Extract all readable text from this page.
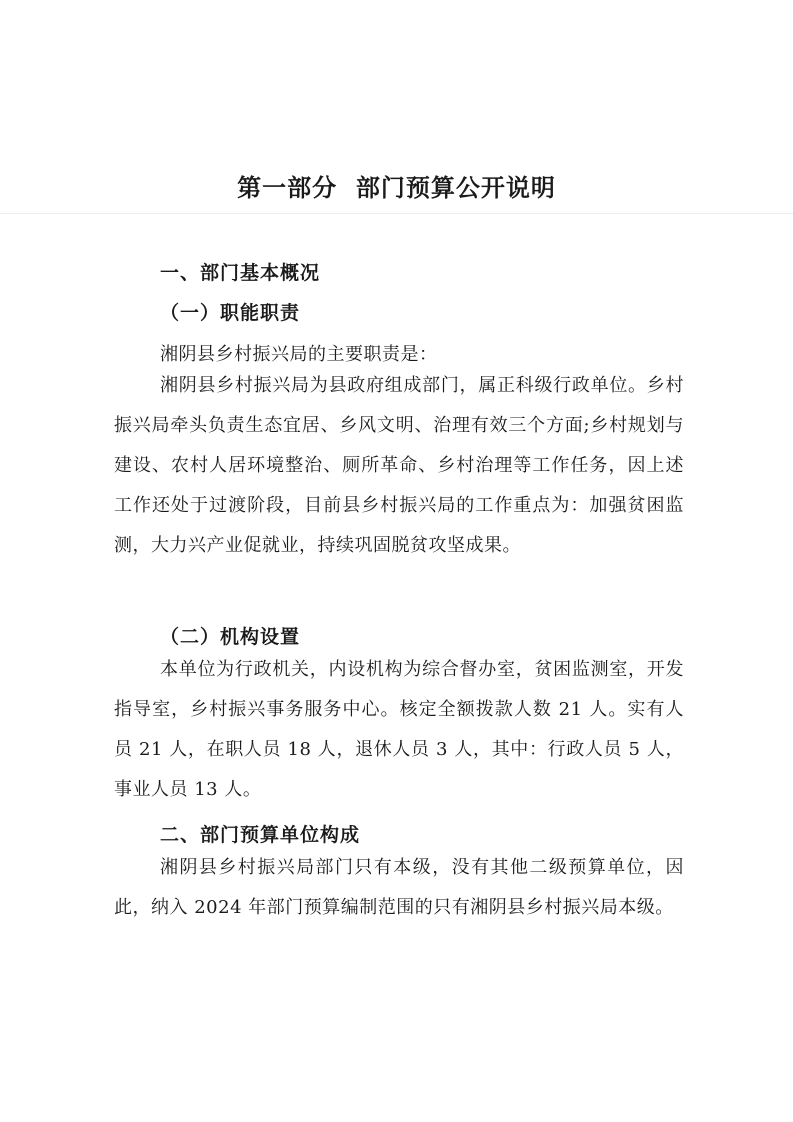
第一部分  部门预算公开说明
一、部门基本概况
（一）职能职责
湘阴县乡村振兴局的主要职责是：
湘阴县乡村振兴局为县政府组成部门，属正科级行政单位。乡村振兴局牵头负责生态宜居、乡风文明、治理有效三个方面;乡村规划与建设、农村人居环境整治、厕所革命、乡村治理等工作任务，因上述工作还处于过渡阶段，目前县乡村振兴局的工作重点为：加强贫困监测，大力兴产业促就业，持续巩固脱贫攻坚成果。
（二）机构设置
本单位为行政机关，内设机构为综合督办室，贫困监测室，开发指导室，乡村振兴事务服务中心。核定全额拨款人数 21 人。实有人员 21 人，在职人员 18 人，退休人员 3 人，其中：行政人员 5 人，事业人员 13 人。
二、部门预算单位构成
湘阴县乡村振兴局部门只有本级，没有其他二级预算单位，因此，纳入 2024 年部门预算编制范围的只有湘阴县乡村振兴局本级。
